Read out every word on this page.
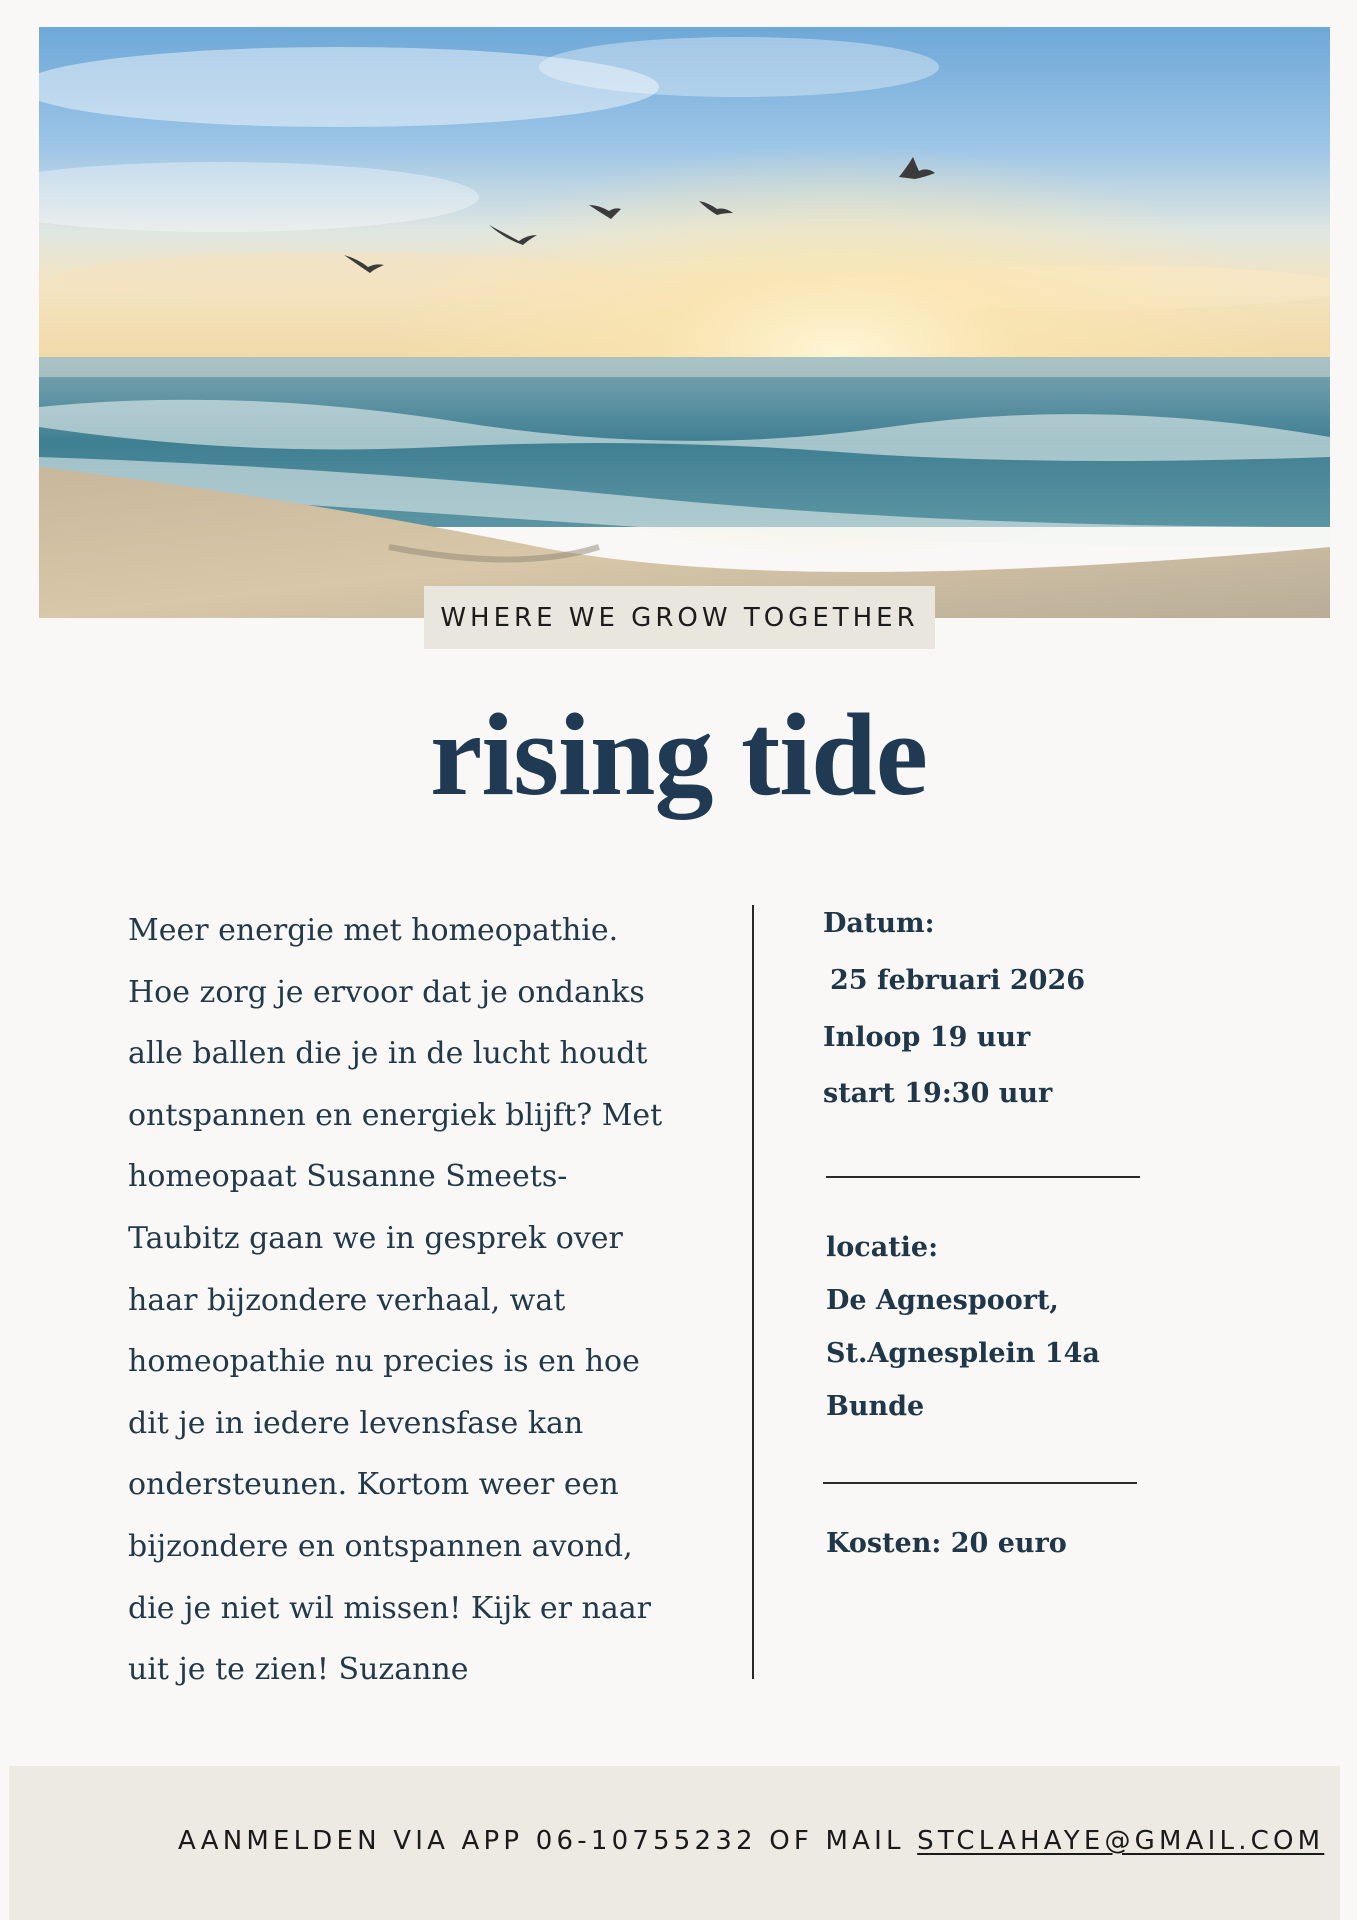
WHERE WE GROW TOGETHER
rising tide

Meer energie met homeopathie.

Hoe zorg je ervoor dat je ondanks

alle ballen die je in de lucht houdt

ontspannen en energiek blijft? Met

homeopaat Susanne Smeets-

Taubitz gaan we in gesprek over

haar bijzondere verhaal, wat

homeopathie nu precies is en hoe

dit je in iedere levensfase kan

ondersteunen. Kortom weer een

bijzondere en ontspannen avond,

die je niet wil missen! Kijk er naar

uit je te zien! Suzanne

Datum:
25 februari 2026
Inloop 19 uur
start 19:30 uur
locatie:
De Agnespoort,
St.Agnesplein 14a
Bunde
Kosten: 20 euro
AANMELDEN VIA APP 06-10755232 OF MAIL STCLAHAYE@GMAIL.COM
